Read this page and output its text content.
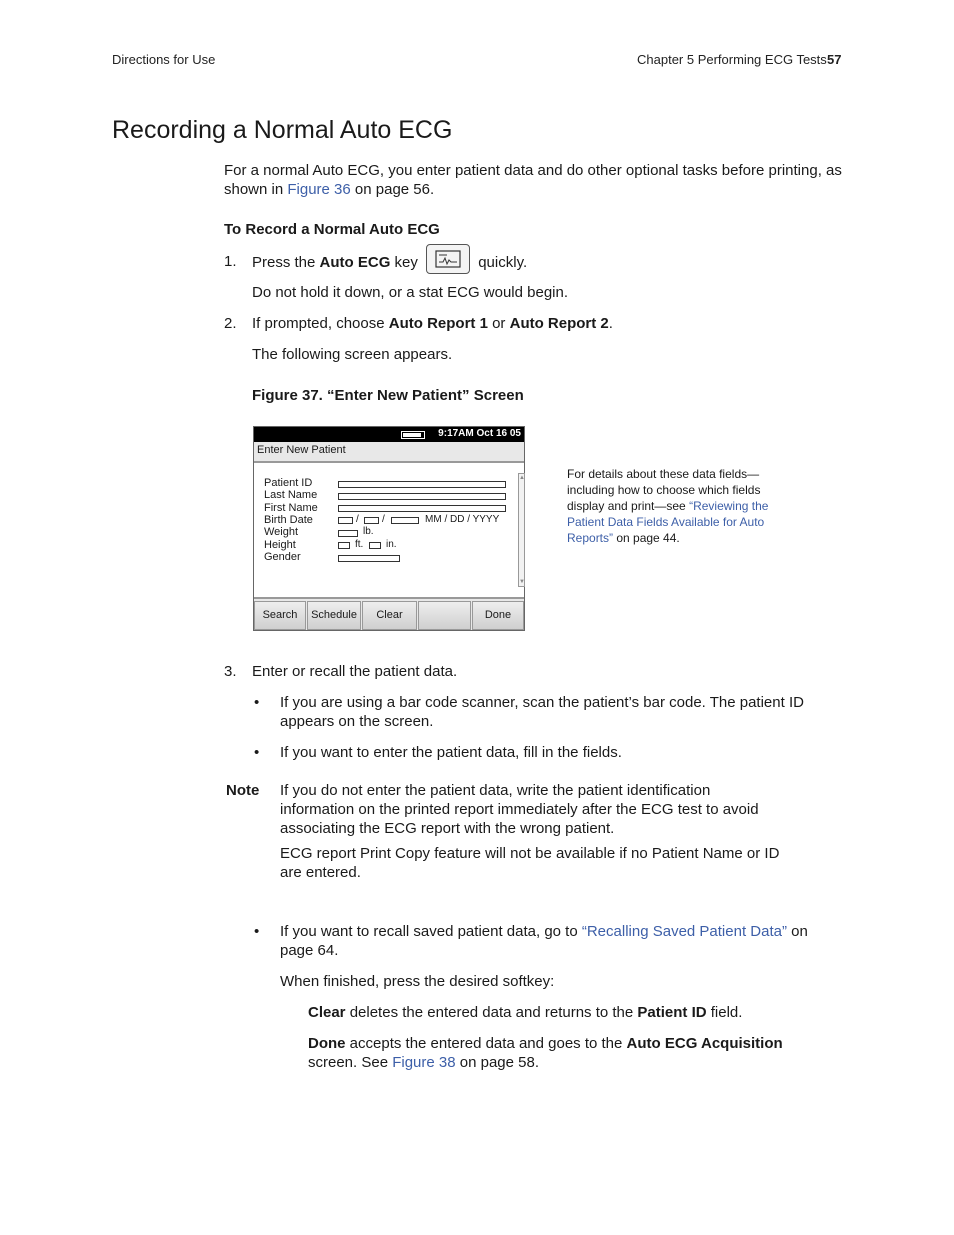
Directions for Use	Chapter 5 Performing ECG Tests 57
Recording a Normal Auto ECG
For a normal Auto ECG, you enter patient data and do other optional tasks before printing, as shown in Figure 36 on page 56.
To Record a Normal Auto ECG
1. Press the Auto ECG key	quickly.
Do not hold it down, or a stat ECG would begin.
2. If prompted, choose Auto Report 1 or Auto Report 2.
The following screen appears.
Figure 37. “Enter New Patient” Screen
9:17AM Oct 16 05
Enter New Patient
Patient ID
Last Name
First Name
Birth Date	/ /	MM / DD / YYYY
Weight	lb.
Height	ft. in.
Gender
▲
▼
Search	Schedule	Clear	Done
For details about these data fields—including how to choose which fields display and print—see “Reviewing the Patient Data Fields Available for Auto Reports” on page 44.
3. Enter or recall the patient data.
• If you are using a bar code scanner, scan the patient’s bar code. The patient ID appears on the screen.
• If you want to enter the patient data, fill in the fields.
Note If you do not enter the patient data, write the patient identification information on the printed report immediately after the ECG test to avoid associating the ECG report with the wrong patient.
ECG report Print Copy feature will not be available if no Patient Name or ID are entered.
• If you want to recall saved patient data, go to “Recalling Saved Patient Data” on page 64.
When finished, press the desired softkey:
Clear deletes the entered data and returns to the Patient ID field.
Done accepts the entered data and goes to the Auto ECG Acquisition screen. See Figure 38 on page 58.
